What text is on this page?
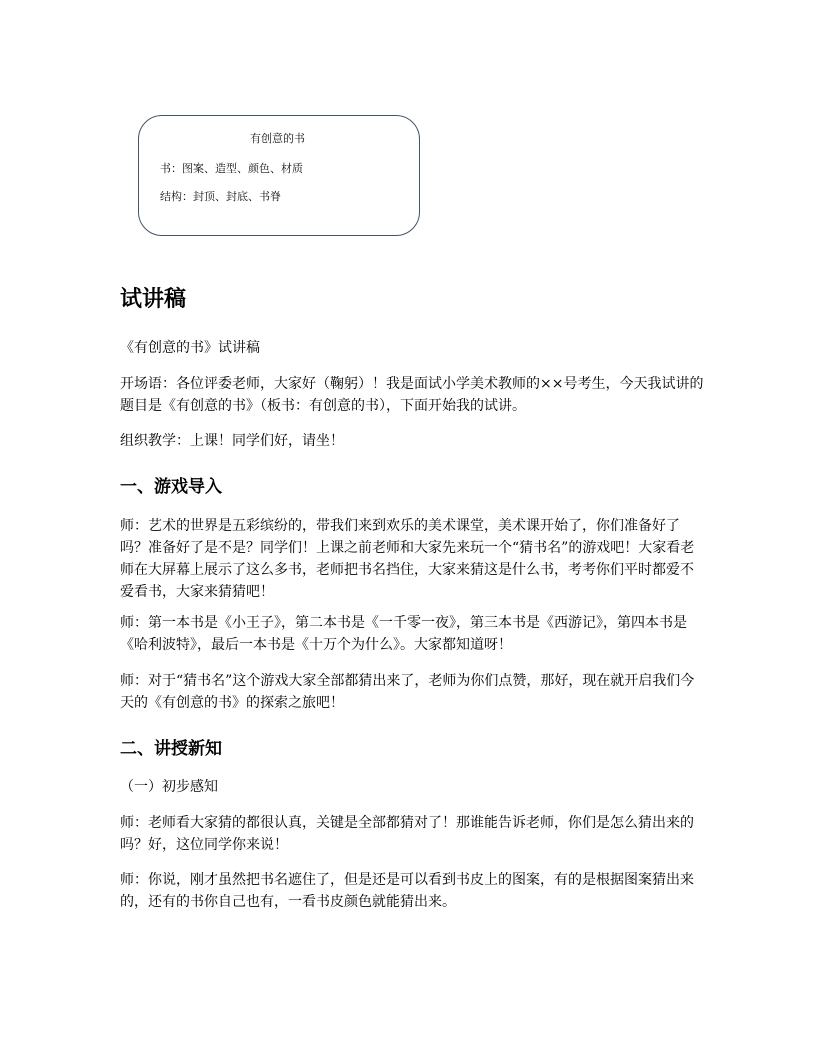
有创意的书
书：图案、造型、颜色、材质
结构：封顶、封底、书脊
试讲稿
《有创意的书》试讲稿
开场语：各位评委老师，大家好（鞠躬）！我是面试小学美术教师的××号考生，今天我试讲的题目是《有创意的书》（板书：有创意的书），下面开始我的试讲。
组织教学：上课！同学们好，请坐！
一、游戏导入
师：艺术的世界是五彩缤纷的，带我们来到欢乐的美术课堂，美术课开始了，你们准备好了吗？准备好了是不是？同学们！上课之前老师和大家先来玩一个“猜书名”的游戏吧！大家看老师在大屏幕上展示了这么多书，老师把书名挡住，大家来猜这是什么书，考考你们平时都爱不爱看书，大家来猜猜吧！
师：第一本书是《小王子》，第二本书是《一千零一夜》，第三本书是《西游记》，第四本书是《哈利波特》，最后一本书是《十万个为什么》。大家都知道呀！
师：对于“猜书名”这个游戏大家全部都猜出来了，老师为你们点赞，那好，现在就开启我们今天的《有创意的书》的探索之旅吧！
二、讲授新知
（一）初步感知
师：老师看大家猜的都很认真，关键是全部都猜对了！那谁能告诉老师，你们是怎么猜出来的吗？好，这位同学你来说！
师：你说，刚才虽然把书名遮住了，但是还是可以看到书皮上的图案，有的是根据图案猜出来的，还有的书你自己也有，一看书皮颜色就能猜出来。
